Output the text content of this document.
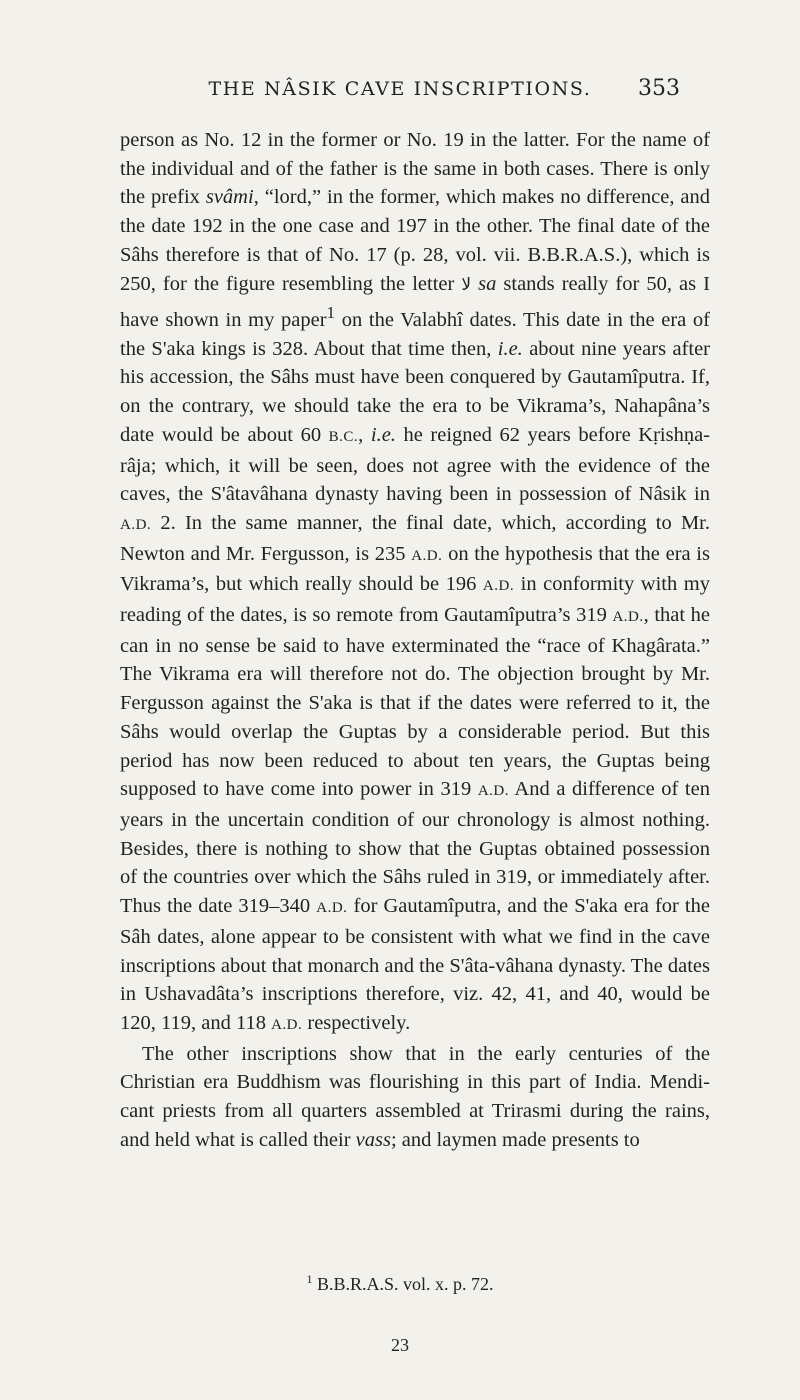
THE NÂSIK CAVE INSCRIPTIONS.	353

person as No. 12 in the former or No. 19 in the latter. For the name of the individual and of the father is the same in both cases. There is only the prefix svâmi, “lord,” in the former, which makes no difference, and the date 192 in the one case and 197 in the other. The final date of the Sâhs therefore is that of No. 17 (p. 28, vol. vii. B.B.R.A.S.), which is 250, for the figure resembling the letter ﻻ sa stands really for 50, as I have shown in my paper$^1$ on the Valabhî dates. This date in the era of the S'aka kings is 328. About that time then, i.e. about nine years after his accession, the Sâhs must have been conquered by Gautamîputra. If, on the contrary, we should take the era to be Vikrama’s, Nahapâna’s date would be about 60 B.C., i.e. he reigned 62 years before Kṛishṇa-râja; which, it will be seen, does not agree with the evidence of the caves, the S'âtavâhana dynasty having been in possession of Nâsik in A.D. 2. In the same manner, the final date, which, according to Mr. Newton and Mr. Fergusson, is 235 A.D. on the hypothesis that the era is Vikrama’s, but which really should be 196 A.D. in conformity with my reading of the dates, is so remote from Gautamîputra’s 319 A.D., that he can in no sense be said to have exterminated the “race of Khagârata.” The Vikrama era will therefore not do. The objection brought by Mr. Fergusson against the S'aka is that if the dates were referred to it, the Sâhs would overlap the Guptas by a considerable period. But this period has now been reduced to about ten years, the Guptas being supposed to have come into power in 319 A.D. And a difference of ten years in the uncertain condition of our chronology is almost nothing. Besides, there is nothing to show that the Guptas obtained possession of the countries over which the Sâhs ruled in 319, or immediately after. Thus the date 319–340 A.D. for Gautamîputra, and the S'aka era for the Sâh dates, alone appear to be consistent with what we find in the cave inscriptions about that monarch and the S'âta-vâhana dynasty. The dates in Ushavadâta’s inscriptions therefore, viz. 42, 41, and 40, would be 120, 119, and 118 A.D. respectively.

The other inscriptions show that in the early centuries of the Christian era Buddhism was flourishing in this part of India. Mendi-cant priests from all quarters assembled at Trirasmi during the rains, and held what is called their vass; and laymen made presents to

$^1$ B.B.R.A.S. vol. x. p. 72.
23
